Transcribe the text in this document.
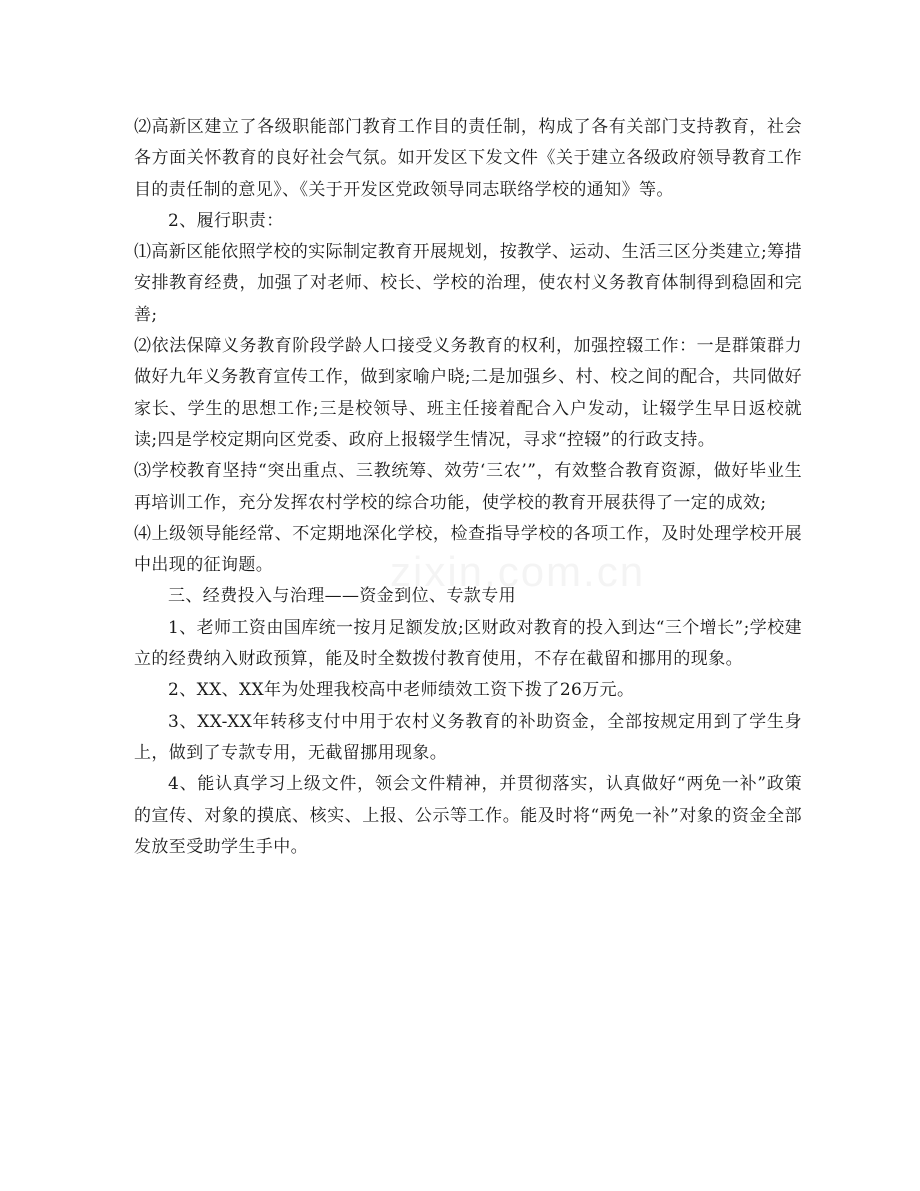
zixin.com.cn

⑵高新区建立了各级职能部门教育工作目的责任制，构成了各有关部门支持教育，社会各方面关怀教育的良好社会气氛。如开发区下发文件《关于建立各级政府领导教育工作目的责任制的意见》、《关于开发区党政领导同志联络学校的通知》等。

2、履行职责：

⑴高新区能依照学校的实际制定教育开展规划，按教学、运动、生活三区分类建立;筹措安排教育经费，加强了对老师、校长、学校的治理，使农村义务教育体制得到稳固和完善;

⑵依法保障义务教育阶段学龄人口接受义务教育的权利，加强控辍工作：一是群策群力做好九年义务教育宣传工作，做到家喻户晓;二是加强乡、村、校之间的配合，共同做好家长、学生的思想工作;三是校领导、班主任接着配合入户发动，让辍学生早日返校就读;四是学校定期向区党委、政府上报辍学生情况，寻求“控辍”的行政支持。

⑶学校教育坚持“突出重点、三教统筹、效劳‘三农’”，有效整合教育资源，做好毕业生再培训工作，充分发挥农村学校的综合功能，使学校的教育开展获得了一定的成效;

⑷上级领导能经常、不定期地深化学校，检查指导学校的各项工作，及时处理学校开展中出现的征询题。

三、经费投入与治理——资金到位、专款专用

1、老师工资由国库统一按月足额发放;区财政对教育的投入到达“三个增长”;学校建立的经费纳入财政预算，能及时全数拨付教育使用，不存在截留和挪用的现象。

2、XX、XX年为处理我校高中老师绩效工资下拨了26万元。

3、XX-XX年转移支付中用于农村义务教育的补助资金，全部按规定用到了学生身上，做到了专款专用，无截留挪用现象。

4、能认真学习上级文件，领会文件精神，并贯彻落实，认真做好“两免一补”政策的宣传、对象的摸底、核实、上报、公示等工作。能及时将“两免一补”对象的资金全部发放至受助学生手中。
